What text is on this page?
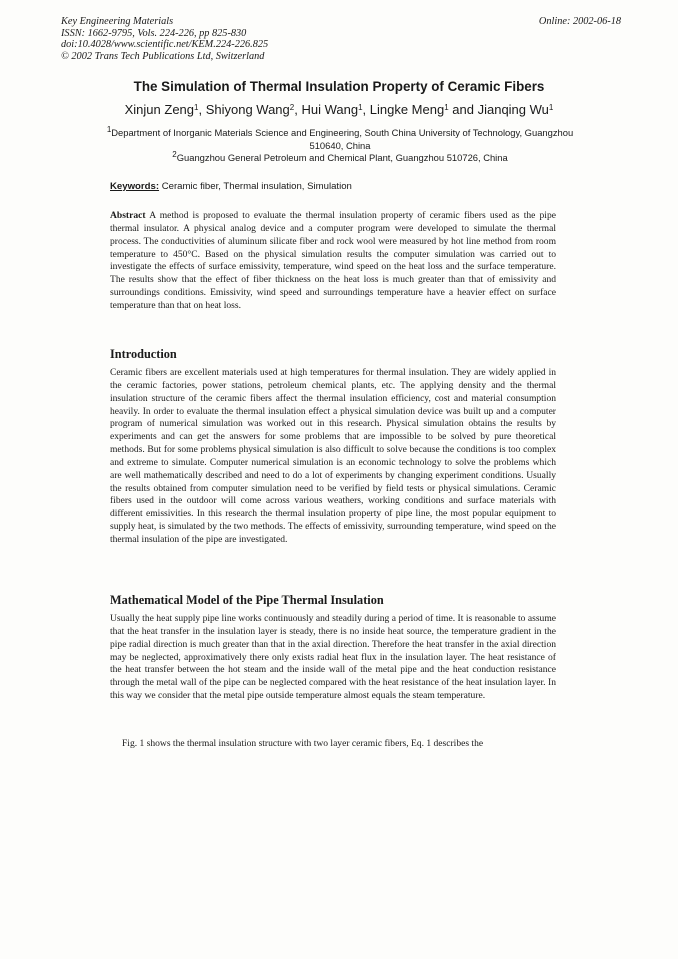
Key Engineering Materials
ISSN: 1662-9795, Vols. 224-226, pp 825-830
doi:10.4028/www.scientific.net/KEM.224-226.825
© 2002 Trans Tech Publications Ltd, Switzerland
Online: 2002-06-18
The Simulation of Thermal Insulation Property of Ceramic Fibers
Xinjun Zeng$^1$, Shiyong Wang$^2$, Hui Wang$^1$, Lingke Meng$^1$ and Jianqing Wu$^1$
$^1$Department of Inorganic Materials Science and Engineering, South China University of Technology, Guangzhou 510640, China
$^2$Guangzhou General Petroleum and Chemical Plant, Guangzhou 510726, China
Keywords: Ceramic fiber, Thermal insulation, Simulation

Abstract A method is proposed to evaluate the thermal insulation property of ceramic fibers used as the pipe thermal insulator. A physical analog device and a computer program were developed to simulate the thermal process. The conductivities of aluminum silicate fiber and rock wool were measured by hot line method from room temperature to 450°C. Based on the physical simulation results the computer simulation was carried out to investigate the effects of surface emissivity, temperature, wind speed on the heat loss and the surface temperature. The results show that the effect of fiber thickness on the heat loss is much greater than that of emissivity and surroundings conditions. Emissivity, wind speed and surroundings temperature have a heavier effect on surface temperature than that on heat loss.

Introduction

Ceramic fibers are excellent materials used at high temperatures for thermal insulation. They are widely applied in the ceramic factories, power stations, petroleum chemical plants, etc. The applying density and the thermal insulation structure of the ceramic fibers affect the thermal insulation efficiency, cost and material consumption heavily. In order to evaluate the thermal insulation effect a physical simulation device was built up and a computer program of numerical simulation was worked out in this research. Physical simulation obtains the results by experiments and can get the answers for some problems that are impossible to be solved by pure theoretical methods. But for some problems physical simulation is also difficult to solve because the conditions is too complex and extreme to simulate. Computer numerical simulation is an economic technology to solve the problems which are well mathematically described and need to do a lot of experiments by changing experiment conditions. Usually the results obtained from computer simulation need to be verified by field tests or physical simulations. Ceramic fibers used in the outdoor will come across various weathers, working conditions and surface materials with different emissivities. In this research the thermal insulation property of pipe line, the most popular equipment to supply heat, is simulated by the two methods. The effects of emissivity, surrounding temperature, wind speed on the thermal insulation of the pipe are investigated.

Mathematical Model of the Pipe Thermal Insulation

Usually the heat supply pipe line works continuously and steadily during a period of time. It is reasonable to assume that the heat transfer in the insulation layer is steady, there is no inside heat source, the temperature gradient in the pipe radial direction is much greater than that in the axial direction. Therefore the heat transfer in the axial direction may be neglected, approximatively there only exists radial heat flux in the insulation layer. The heat resistance of the heat transfer between the hot steam and the inside wall of the metal pipe and the heat conduction resistance through the metal wall of the pipe can be neglected compared with the heat resistance of the heat insulation layer. In this way we consider that the metal pipe outside temperature almost equals the steam temperature.

Fig. 1 shows the thermal insulation structure with two layer ceramic fibers, Eq. 1 describes the
